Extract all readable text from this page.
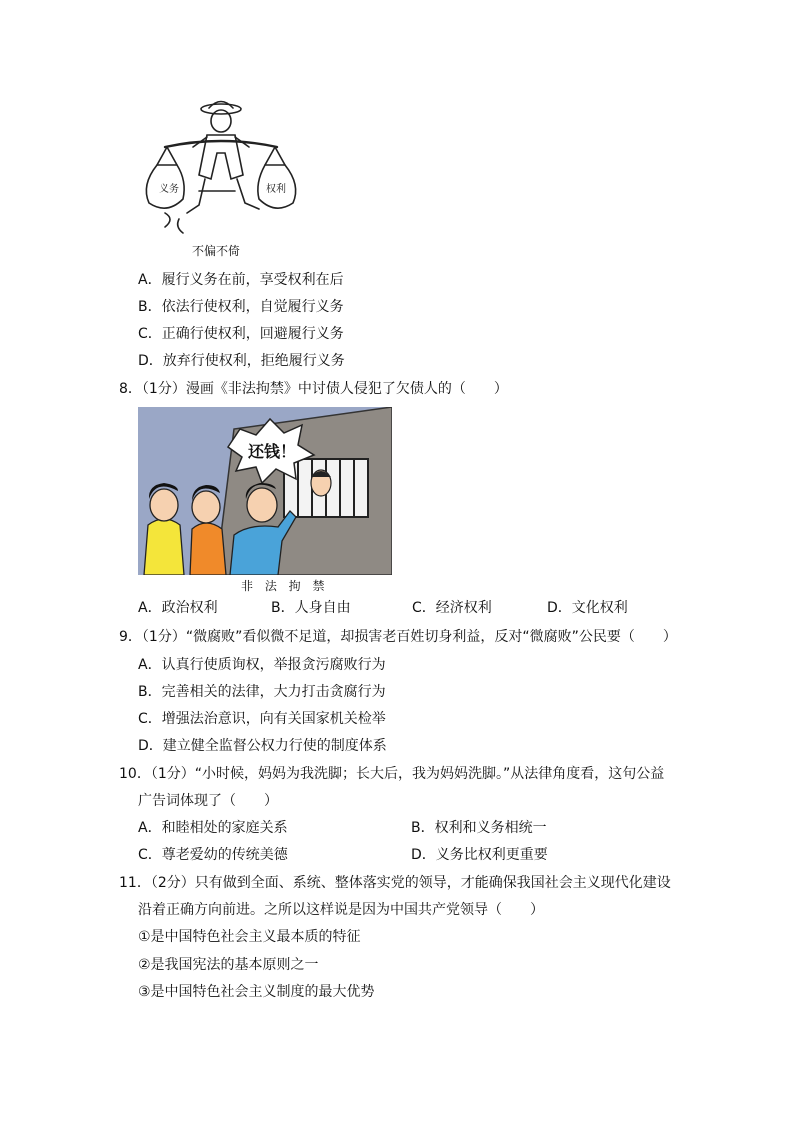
义务	权利
不偏不倚
A．履行义务在前，享受权利在后
B．依法行使权利，自觉履行义务
C．正确行使权利，回避履行义务
D．放弃行使权利，拒绝履行义务
8．（1分）漫画《非法拘禁》中讨债人侵犯了欠债人的（　　）
还钱！
非 法 拘 禁
A．政治权利	B．人身自由	C．经济权利	D．文化权利
9．（1分）“微腐败”看似微不足道，却损害老百姓切身利益，反对“微腐败”公民要（　　）
A．认真行使质询权，举报贪污腐败行为
B．完善相关的法律，大力打击贪腐行为
C．增强法治意识，向有关国家机关检举
D．建立健全监督公权力行使的制度体系
10．（1分）“小时候，妈妈为我洗脚；长大后，我为妈妈洗脚。”从法律角度看，这句公益
广告词体现了（　　）
A．和睦相处的家庭关系	B．权利和义务相统一
C．尊老爱幼的传统美德	D．义务比权利更重要
11．（2分）只有做到全面、系统、整体落实党的领导，才能确保我国社会主义现代化建设
沿着正确方向前进。之所以这样说是因为中国共产党领导（　　）
①是中国特色社会主义最本质的特征
②是我国宪法的基本原则之一
③是中国特色社会主义制度的最大优势
